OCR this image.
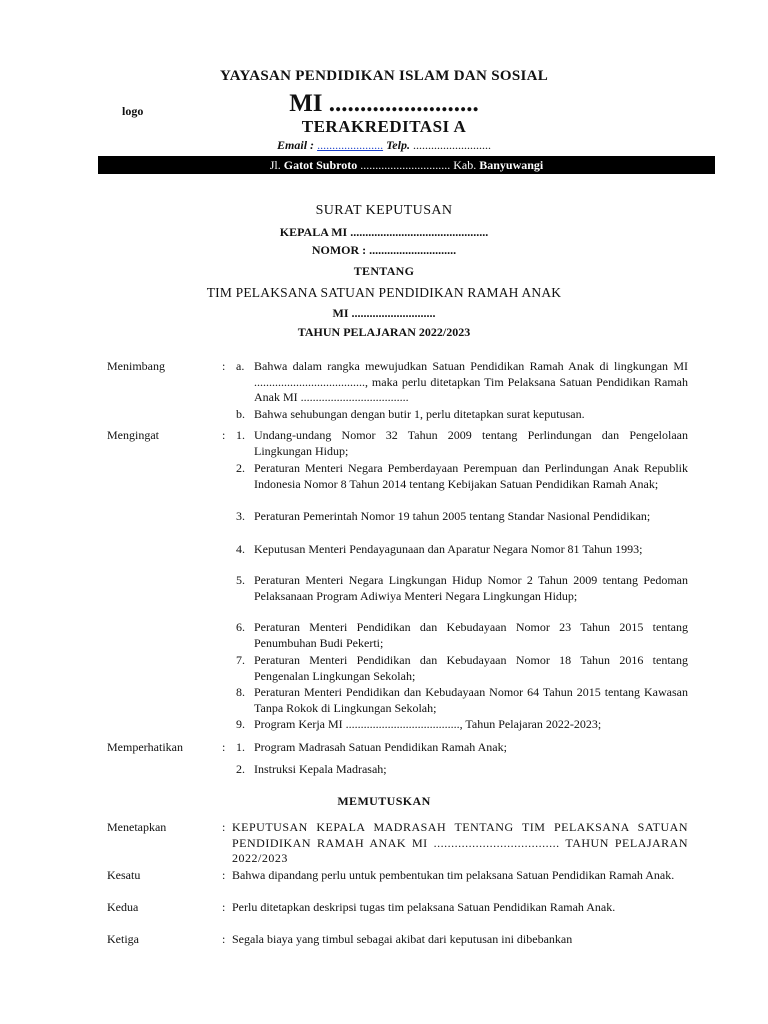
logo
YAYASAN PENDIDIKAN ISLAM DAN SOSIAL
MI ........................
TERAKREDITASI A
Email : ...................... Telp. ..........................
Jl. Gatot Subroto .............................. Kab. Banyuwangi
SURAT KEPUTUSAN
KEPALA MI ..............................................
NOMOR : .............................
TENTANG
TIM PELAKSANA SATUAN PENDIDIKAN RAMAH ANAK
MI ............................
TAHUN PELAJARAN 2022/2023
Menimbang	: a. Bahwa dalam rangka mewujudkan Satuan Pendidikan Ramah Anak di lingkungan MI ....................................., maka perlu ditetapkan Tim Pelaksana Satuan Pendidikan Ramah Anak MI ....................................
b. Bahwa sehubungan dengan butir 1, perlu ditetapkan surat keputusan.
Mengingat	: 1. Undang-undang Nomor 32 Tahun 2009 tentang Perlindungan dan Pengelolaan Lingkungan Hidup;
2. Peraturan Menteri Negara Pemberdayaan Perempuan dan Perlindungan Anak Republik Indonesia Nomor 8 Tahun 2014 tentang Kebijakan Satuan Pendidikan Ramah Anak;
3. Peraturan Pemerintah Nomor 19 tahun 2005 tentang Standar Nasional Pendidikan;
4. Keputusan Menteri Pendayagunaan dan Aparatur Negara Nomor 81 Tahun 1993;
5. Peraturan Menteri Negara Lingkungan Hidup Nomor 2 Tahun 2009 tentang Pedoman Pelaksanaan Program Adiwiya Menteri Negara Lingkungan Hidup;
6. Peraturan Menteri Pendidikan dan Kebudayaan Nomor 23 Tahun 2015 tentang Penumbuhan Budi Pekerti;
7. Peraturan Menteri Pendidikan dan Kebudayaan Nomor 18 Tahun 2016 tentang Pengenalan Lingkungan Sekolah;
8. Peraturan Menteri Pendidikan dan Kebudayaan Nomor 64 Tahun 2015 tentang Kawasan Tanpa Rokok di Lingkungan Sekolah;
9. Program Kerja MI ......................................, Tahun Pelajaran 2022-2023;
Memperhatikan	: 1. Program Madrasah Satuan Pendidikan Ramah Anak;
2. Instruksi Kepala Madrasah;
MEMUTUSKAN
Menetapkan	: KEPUTUSAN KEPALA MADRASAH TENTANG TIM PELAKSANA SATUAN PENDIDIKAN RAMAH ANAK MI .................................... TAHUN PELAJARAN 2022/2023
Kesatu	: Bahwa dipandang perlu untuk pembentukan tim pelaksana Satuan Pendidikan Ramah Anak.
Kedua	: Perlu ditetapkan deskripsi tugas tim pelaksana Satuan Pendidikan Ramah Anak.
Ketiga	: Segala biaya yang timbul sebagai akibat dari keputusan ini dibebankan
